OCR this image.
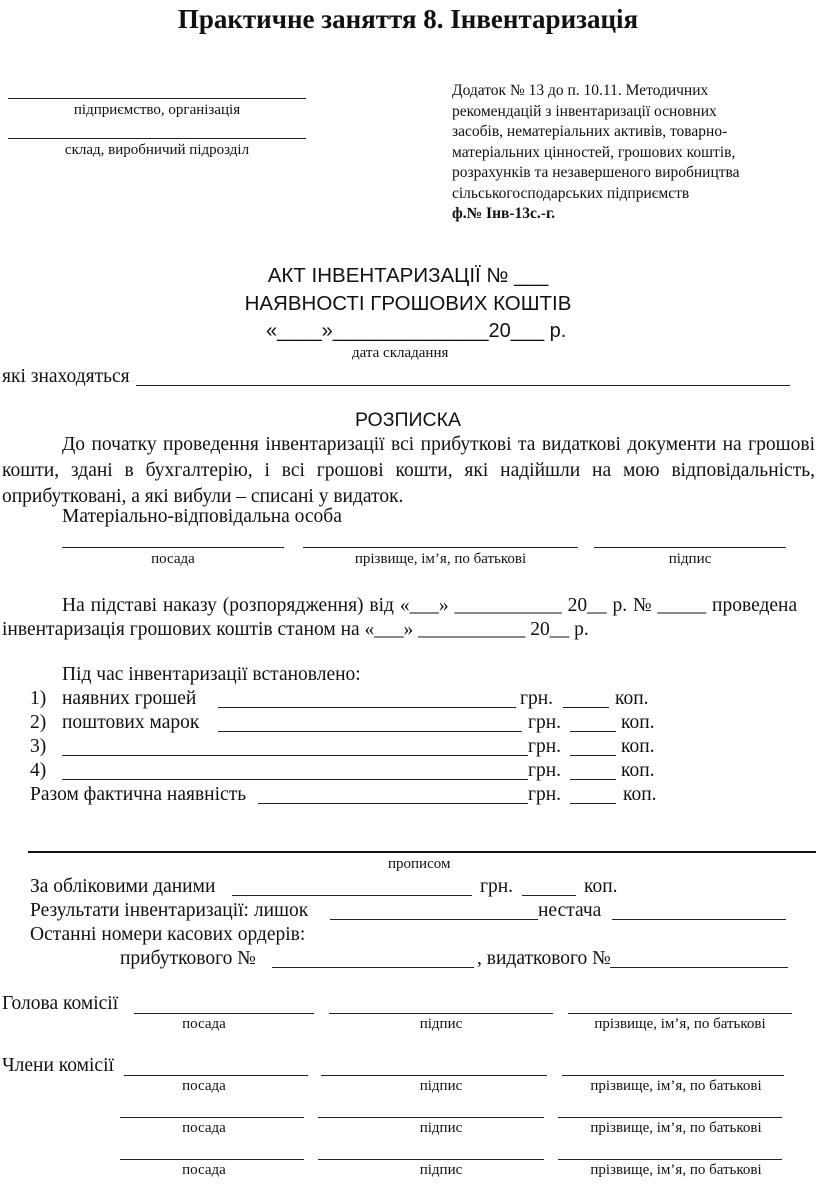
Практичне заняття 8. Інвентаризація
підприємство, організація
склад, виробничий підрозділ
Додаток № 13 до п. 10.11. Методичних
рекомендацій з інвентаризації основних
засобів, нематеріальних активів, товарно-
матеріальних цінностей, грошових коштів,
розрахунків та незавершеного виробництва
сільськогосподарських підприємств
ф.№ Інв-13с.-г.
АКТ ІНВЕНТАРИЗАЦІЇ № ___
НАЯВНОСТІ ГРОШОВИХ КОШТІВ
«____»______________20___ р.
дата складання
які знаходяться
РОЗПИСКА
До початку проведення інвентаризації всі прибуткові та видаткові документи на грошові кошти, здані в бухгалтерію, і всі грошові кошти, які надійшли на мою відповідальність, оприбутковані, а які вибули – списані у видаток.
Матеріально-відповідальна особа
посада	прізвище, ім’я, по батькові	підпис
На підставі наказу (розпорядження) від «___» ___________ 20__ р. № _____ проведена
інвентаризація грошових коштів станом на «___» ___________ 20__ р.
Під час інвентаризації встановлено:
1) наявних грошей	грн.	коп.
2) поштових марок	грн.	коп.
3)	грн.	коп.
4)	грн.	коп.
Разом фактична наявність	грн.	коп.
прописом
За обліковими даними	грн.	коп.
Результати інвентаризації: лишок	нестача
Останні номери касових ордерів:
прибуткового №	, видаткового №
Голова комісії
посада	підпис	прізвище, ім’я, по батькові
Члени комісії
посада	підпис	прізвище, ім’я, по батькові
посада	підпис	прізвище, ім’я, по батькові
посада	підпис	прізвище, ім’я, по батькові
